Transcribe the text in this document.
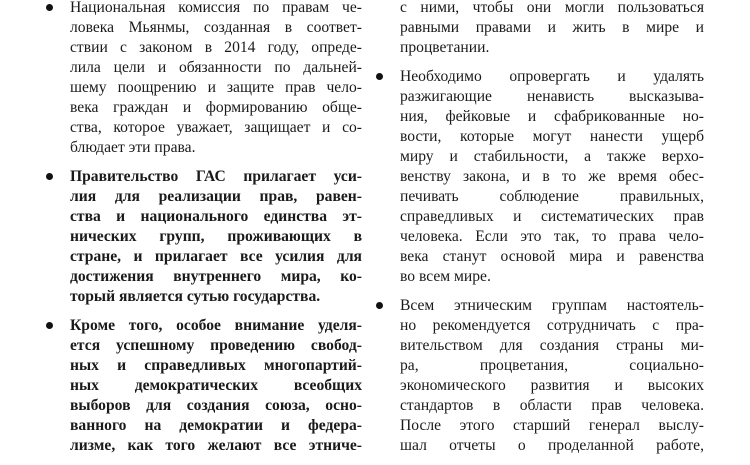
Национальная комиссия по правам че-
ловека Мьянмы, созданная в соответ-
ствии с законом в 2014 году, опреде-
лила цели и обязанности по дальней-
шему поощрению и защите прав чело-
века граждан и формированию обще-
ства, которое уважает, защищает и со-
блюдает эти права.
Правительство ГАС прилагает уси-
лия для реализации прав, равен-
ства и национального единства эт-
нических групп, проживающих в
стране, и прилагает все усилия для
достижения внутреннего мира, ко-
торый является сутью государства.
Кроме того, особое внимание уделя-
ется успешному проведению свобод-
ных и справедливых многопартий-
ных демократических всеобщих
выборов для создания союза, осно-
ванного на демократии и федера-
лизме, как того желают все этниче-
с ними, чтобы они могли пользоваться
равными правами и жить в мире и
процветании.
Необходимо опровергать и удалять
разжигающие ненависть высказыва-
ния, фейковые и сфабрикованные но-
вости, которые могут нанести ущерб
миру и стабильности, а также верхо-
венству закона, и в то же время обес-
печивать соблюдение правильных,
справедливых и систематических прав
человека. Если это так, то права чело-
века станут основой мира и равенства
во всем мире.
Всем этническим группам настоятель-
но рекомендуется сотрудничать с пра-
вительством для создания страны ми-
ра, процветания, социально-
экономического развития и высоких
стандартов в области прав человека.
После этого старший генерал выслу-
шал отчеты о проделанной работе,
